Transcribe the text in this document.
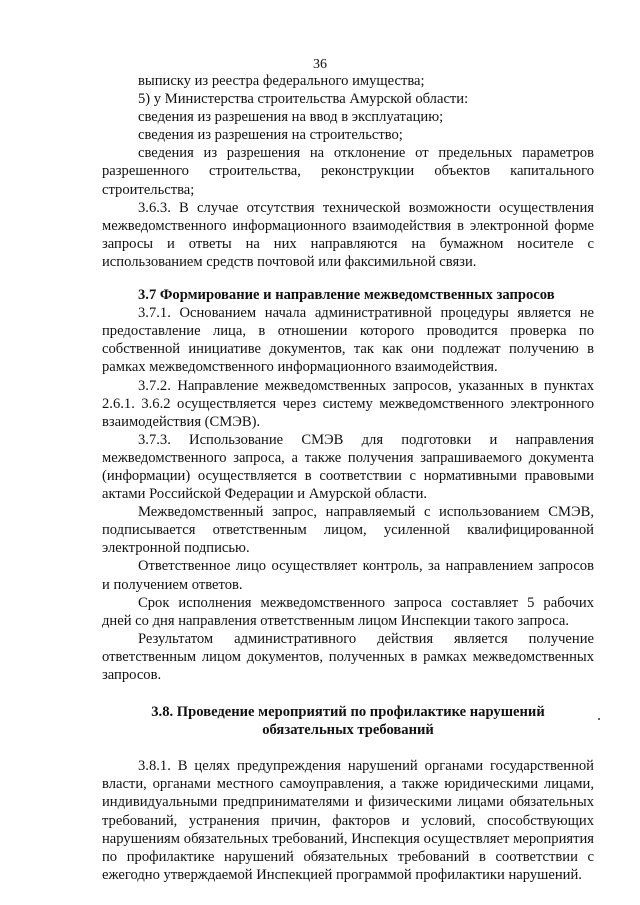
36

выписку из реестра федерального имущества;

5) у Министерства строительства Амурской области:

сведения из разрешения на ввод в эксплуатацию;

сведения из разрешения на строительство;

сведения из разрешения на отклонение от предельных параметров разрешенного строительства, реконструкции объектов капитального строительства;

3.6.3. В случае отсутствия технической возможности осуществления межведомственного информационного взаимодействия в электронной форме запросы и ответы на них направляются на бумажном носителе с использованием средств почтовой или факсимильной связи.

3.7 Формирование и направление межведомственных запросов

3.7.1. Основанием начала административной процедуры является не предоставление лица, в отношении которого проводится проверка по собственной инициативе документов, так как они подлежат получению в рамках межведомственного информационного взаимодействия.

3.7.2. Направление межведомственных запросов, указанных в пунктах 2.6.1. 3.6.2 осуществляется через систему межведомственного электронного взаимодействия (СМЭВ).

3.7.3. Использование СМЭВ для подготовки и направления межведомственного запроса, а также получения запрашиваемого документа (информации) осуществляется в соответствии с нормативными правовыми актами Российской Федерации и Амурской области.

Межведомственный запрос, направляемый с использованием СМЭВ, подписывается ответственным лицом, усиленной квалифицированной электронной подписью.

Ответственное лицо осуществляет контроль, за направлением запросов и получением ответов.

Срок исполнения межведомственного запроса составляет 5 рабочих дней со дня направления ответственным лицом Инспекции такого запроса.

Результатом административного действия является получение ответственным лицом документов, полученных в рамках межведомственных запросов.

3.8. Проведение мероприятий по профилактике нарушений
обязательных требований

3.8.1. В целях предупреждения нарушений органами государственной власти, органами местного самоуправления, а также юридическими лицами, индивидуальными предпринимателями и физическими лицами обязательных требований, устранения причин, факторов и условий, способствующих нарушениям обязательных требований, Инспекция осуществляет мероприятия по профилактике нарушений обязательных требований в соответствии с ежегодно утверждаемой Инспекцией программой профилактики нарушений.
